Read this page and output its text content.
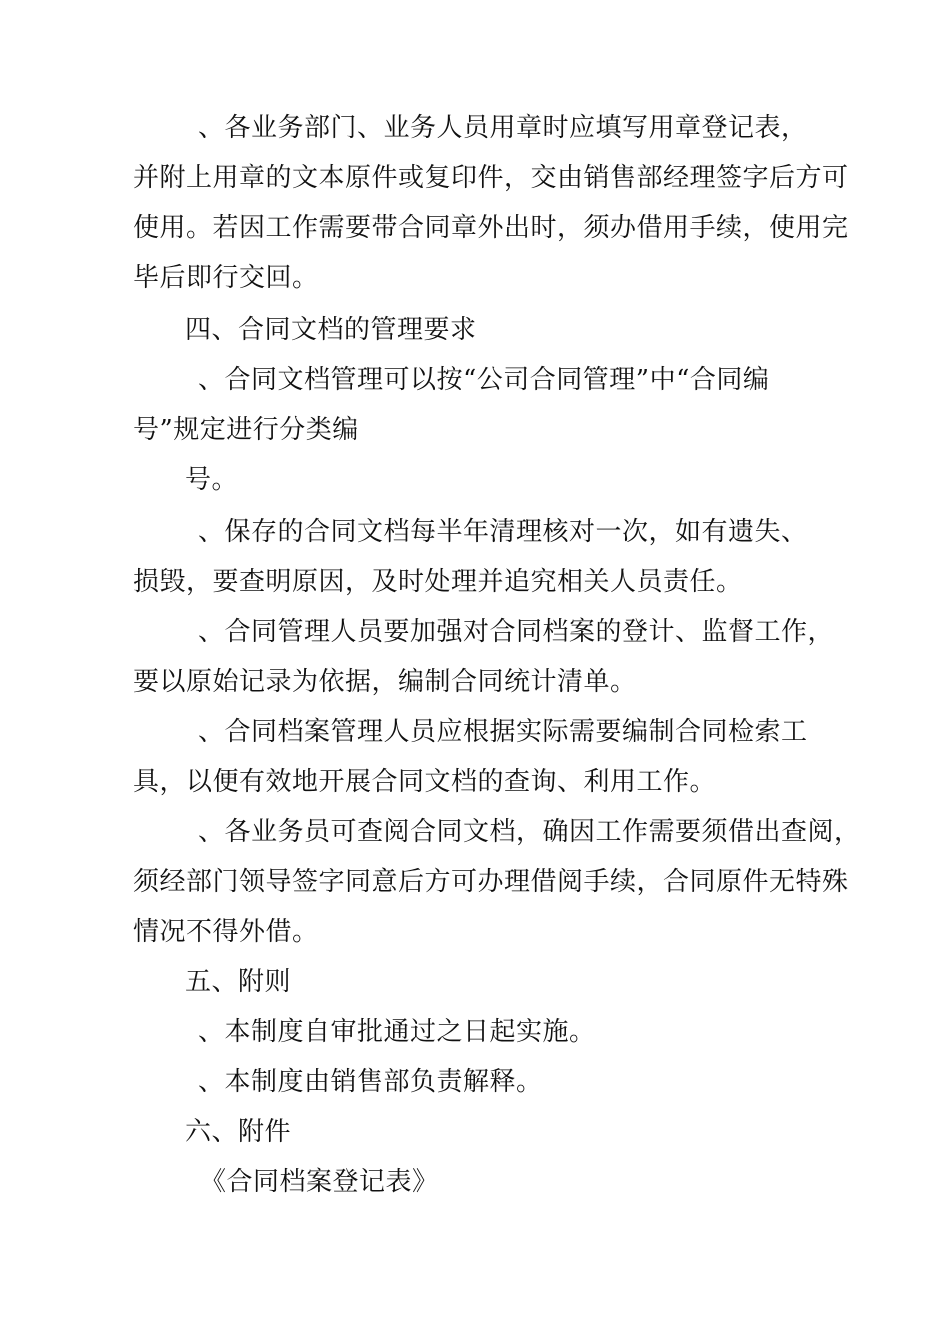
、各业务部门、业务人员用章时应填写用章登记表，
并附上用章的文本原件或复印件，交由销售部经理签字后方可
使用。若因工作需要带合同章外出时，须办借用手续，使用完
毕后即行交回。
四、合同文档的管理要求
、合同文档管理可以按“公司合同管理”中“合同编
号”规定进行分类编
号。
、保存的合同文档每半年清理核对一次，如有遗失、
损毁，要查明原因，及时处理并追究相关人员责任。
、合同管理人员要加强对合同档案的登计、监督工作，
要以原始记录为依据，编制合同统计清单。
、合同档案管理人员应根据实际需要编制合同检索工
具，以便有效地开展合同文档的查询、利用工作。
、各业务员可查阅合同文档，确因工作需要须借出查阅，
须经部门领导签字同意后方可办理借阅手续，合同原件无特殊
情况不得外借。
五、附则
、本制度自审批通过之日起实施。
、本制度由销售部负责解释。
六、附件
《合同档案登记表》
